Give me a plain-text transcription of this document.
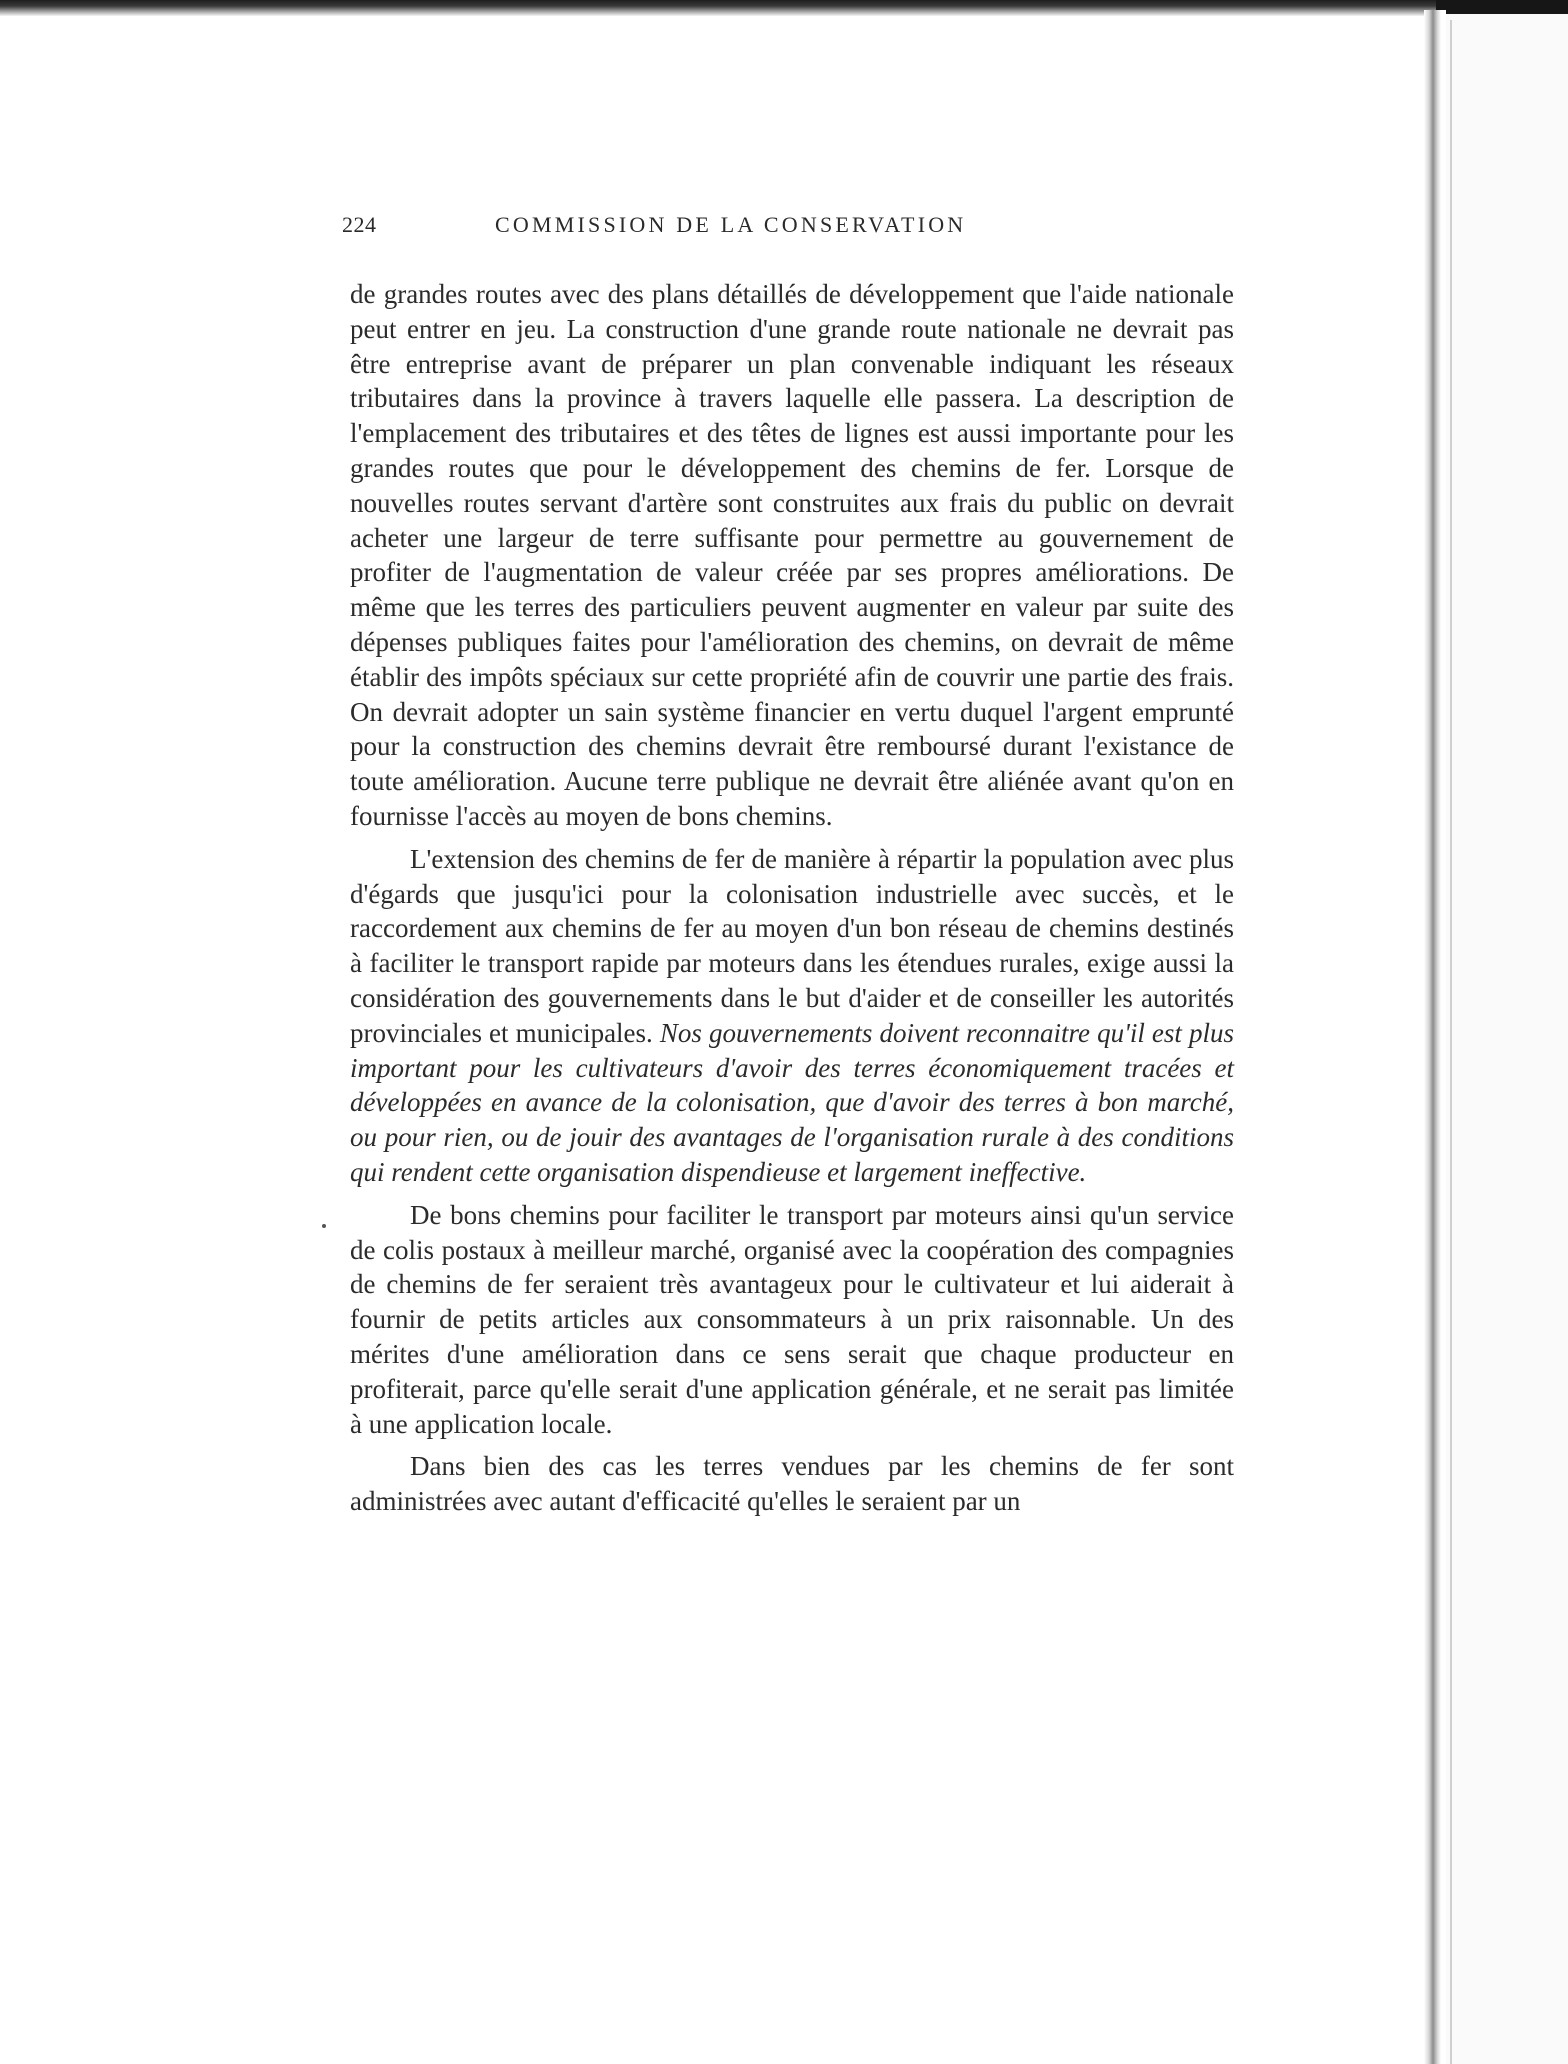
224	COMMISSION DE LA CONSERVATION

de grandes routes avec des plans détaillés de développement que l'aide nationale peut entrer en jeu. La construction d'une grande route nationale ne devrait pas être entreprise avant de préparer un plan convenable indiquant les réseaux tributaires dans la province à travers laquelle elle passera. La description de l'emplacement des tributaires et des têtes de lignes est aussi importante pour les grandes routes que pour le développement des chemins de fer. Lorsque de nouvelles routes servant d'artère sont construites aux frais du public on devrait acheter une largeur de terre suffisante pour permettre au gouvernement de profiter de l'augmentation de valeur créée par ses propres améliorations. De même que les terres des particuliers peuvent augmenter en valeur par suite des dépenses publiques faites pour l'amélioration des chemins, on devrait de même établir des impôts spéciaux sur cette propriété afin de couvrir une partie des frais. On devrait adopter un sain système financier en vertu duquel l'argent emprunté pour la construction des chemins devrait être remboursé durant l'existance de toute amélioration. Aucune terre publique ne devrait être aliénée avant qu'on en fournisse l'accès au moyen de bons chemins.

L'extension des chemins de fer de manière à répartir la population avec plus d'égards que jusqu'ici pour la colonisation industrielle avec succès, et le raccordement aux chemins de fer au moyen d'un bon réseau de chemins destinés à faciliter le transport rapide par moteurs dans les étendues rurales, exige aussi la considération des gouvernements dans le but d'aider et de conseiller les autorités provinciales et municipales. Nos gouvernements doivent reconnaitre qu'il est plus important pour les cultivateurs d'avoir des terres économiquement tracées et développées en avance de la colonisation, que d'avoir des terres à bon marché, ou pour rien, ou de jouir des avantages de l'organisation rurale à des conditions qui rendent cette organisation dispendieuse et largement ineffective.

De bons chemins pour faciliter le transport par moteurs ainsi qu'un service de colis postaux à meilleur marché, organisé avec la coopération des compagnies de chemins de fer seraient très avantageux pour le cultivateur et lui aiderait à fournir de petits articles aux consommateurs à un prix raisonnable. Un des mérites d'une amélioration dans ce sens serait que chaque producteur en profiterait, parce qu'elle serait d'une application générale, et ne serait pas limitée à une application locale.

Dans bien des cas les terres vendues par les chemins de fer sont administrées avec autant d'efficacité qu'elles le seraient par un
